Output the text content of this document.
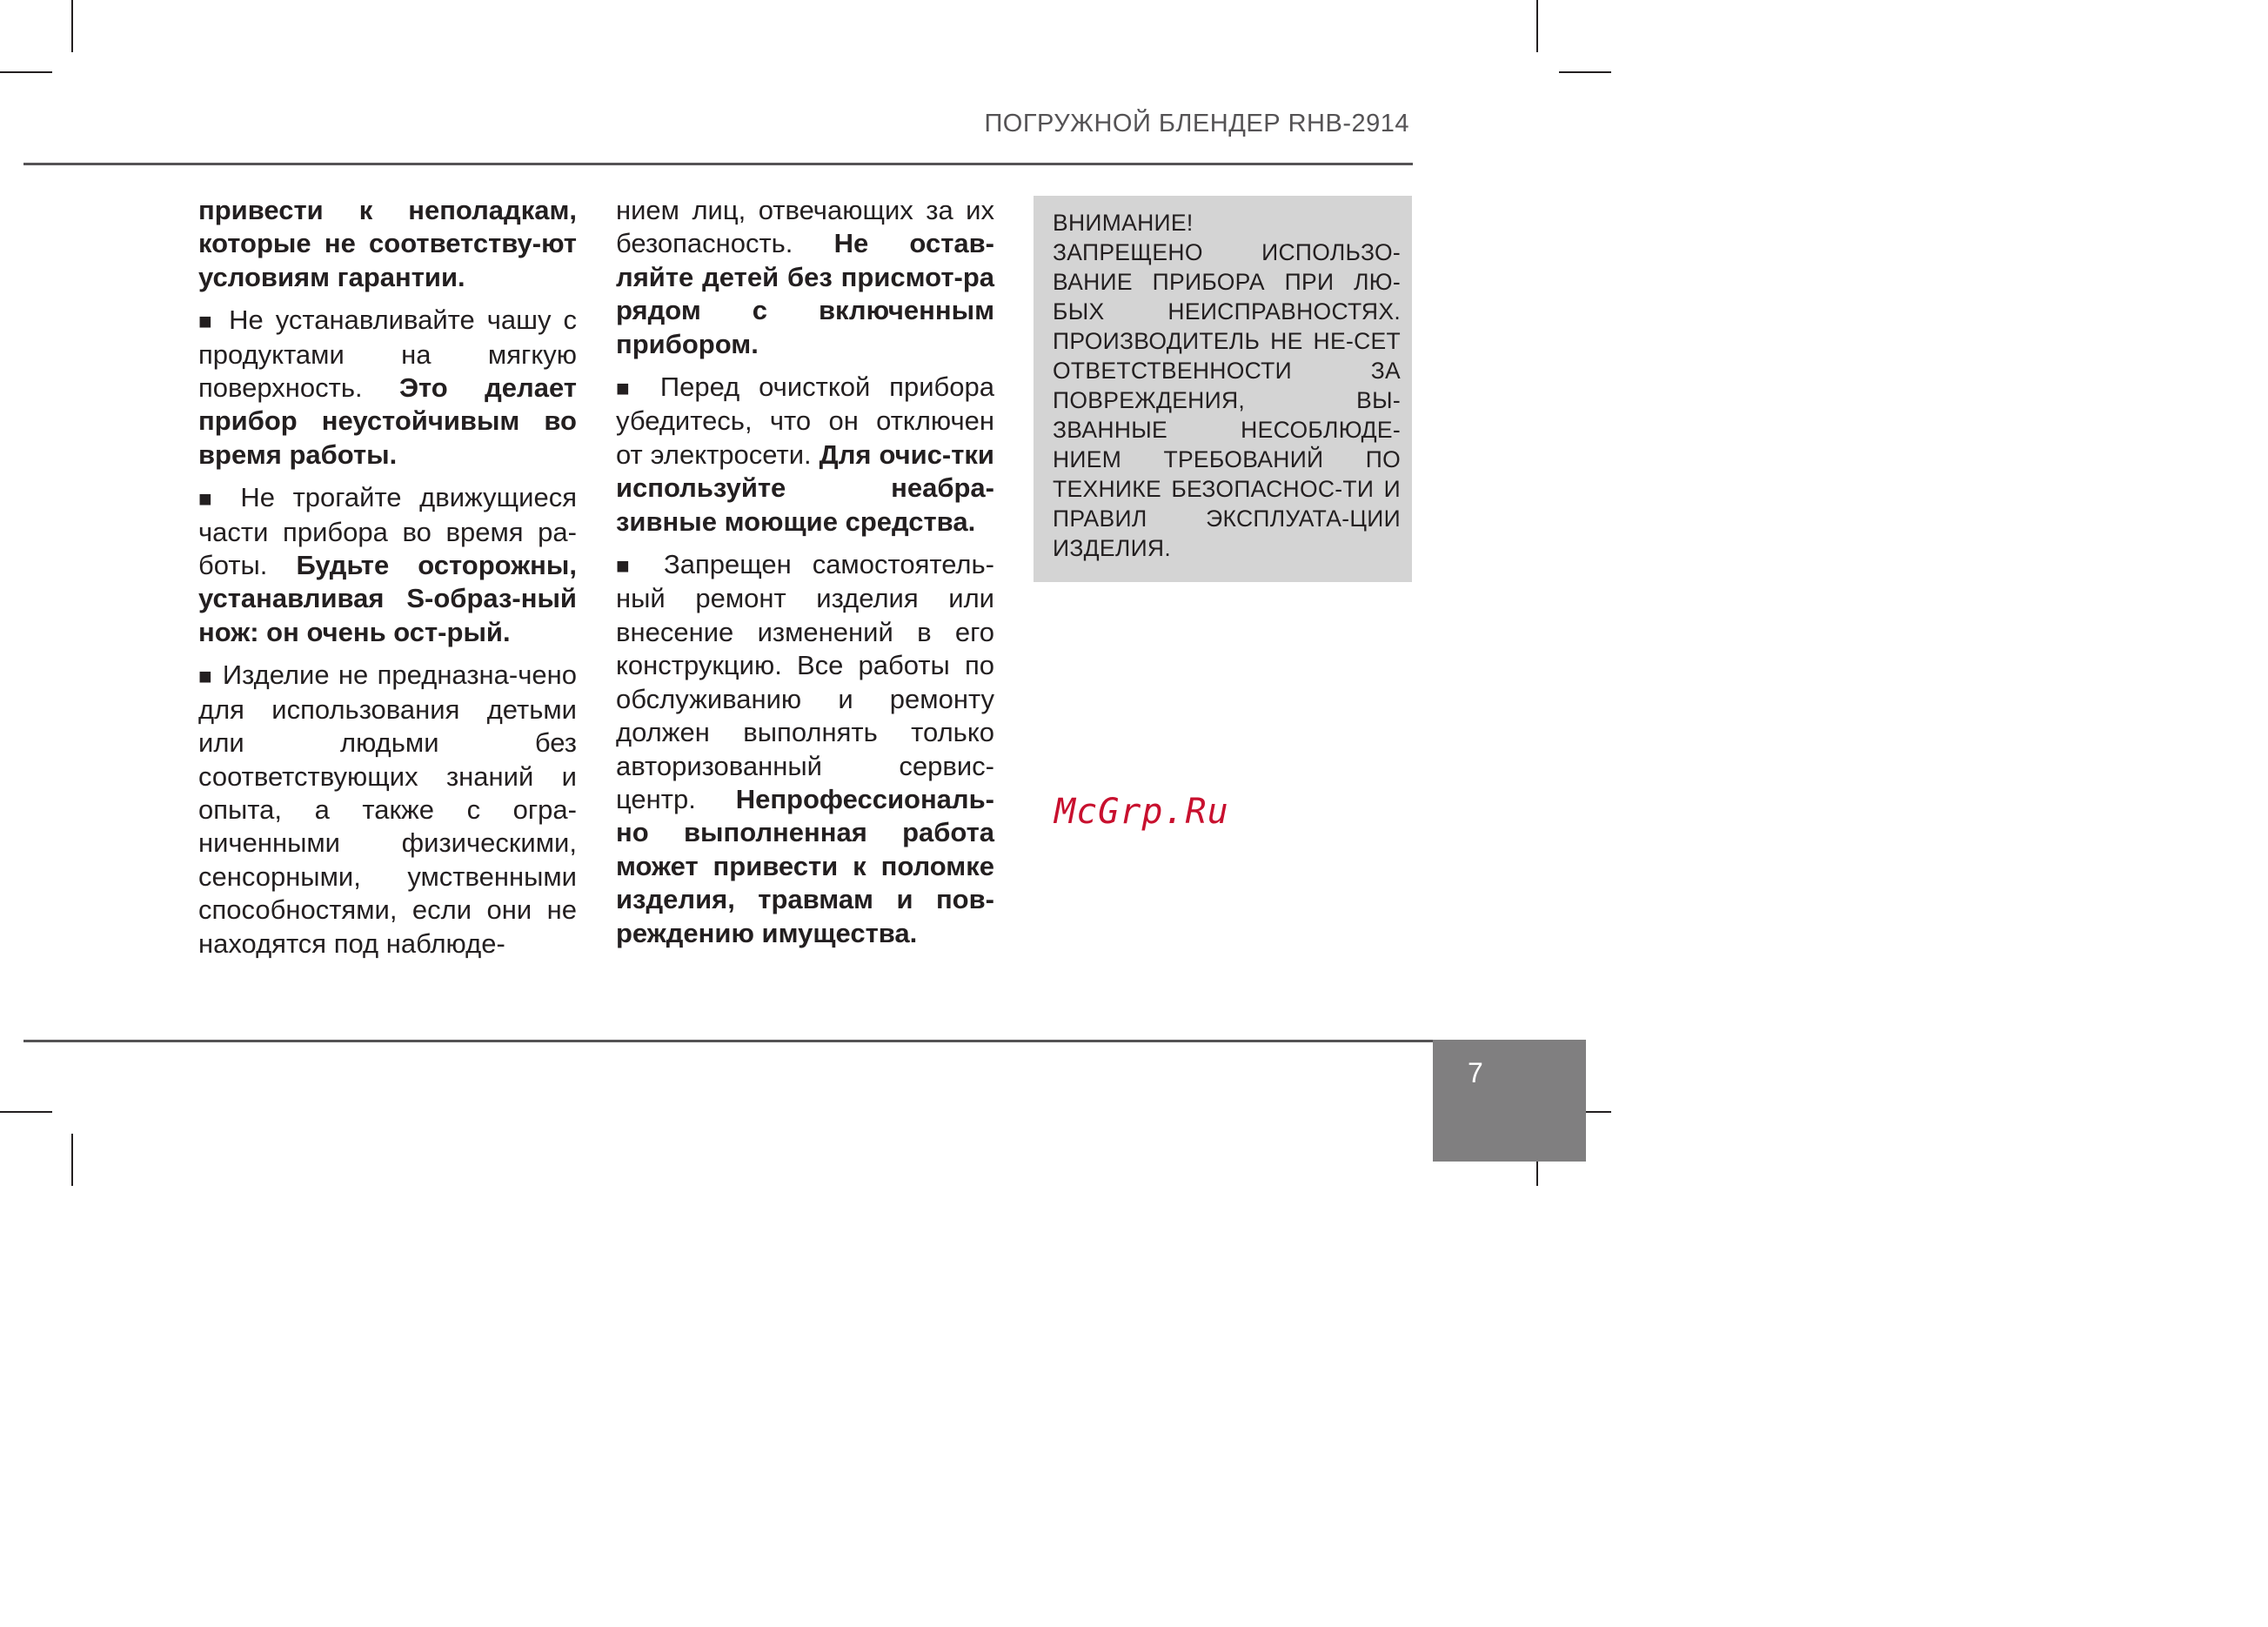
ПОГРУЖНОЙ БЛЕНДЕР RHB-2914

привести к неполадкам, которые не соответству-ют условиям гарантии.

■ Не устанавливайте чашу с продуктами на мягкую поверхность. Это делает прибор неустойчивым во время работы.

■ Не трогайте движущиеся части прибора во время ра-боты. Будьте осторожны, устанавливая S-образ-ный нож: он очень ост-рый.

■ Изделие не предназна-чено для использования детьми или людьми без соответствующих знаний и опыта, а также с огра-ниченными физическими, сенсорными, умственными способностями, если они не находятся под наблюде-

нием лиц, отвечающих за их безопасность. Не остав-ляйте детей без присмот-ра рядом с включенным прибором.

■ Перед очисткой прибора убедитесь, что он отключен от электросети. Для очис-тки используйте неабра-зивные моющие средства.

■ Запрещен самостоятель-ный ремонт изделия или внесение изменений в его конструкцию. Все работы по обслуживанию и ремонту должен выполнять только авторизованный сервис-центр. Непрофессиональ-но выполненная работа может привести к поломке изделия, травмам и пов-реждению имущества.

ВНИМАНИЕ!
ЗАПРЕЩЕНО ИСПОЛЬЗО-ВАНИЕ ПРИБОРА ПРИ ЛЮ-БЫХ НЕИСПРАВНОСТЯХ. ПРОИЗВОДИТЕЛЬ НЕ НЕ-СЕТ ОТВЕТСТВЕННОСТИ ЗА ПОВРЕЖДЕНИЯ, ВЫ-ЗВАННЫЕ НЕСОБЛЮДЕ-НИЕМ ТРЕБОВАНИЙ ПО ТЕХНИКЕ БЕЗОПАСНОС-ТИ И ПРАВИЛ ЭКСПЛУАТА-ЦИИ ИЗДЕЛИЯ.
McGrp.Ru
7
